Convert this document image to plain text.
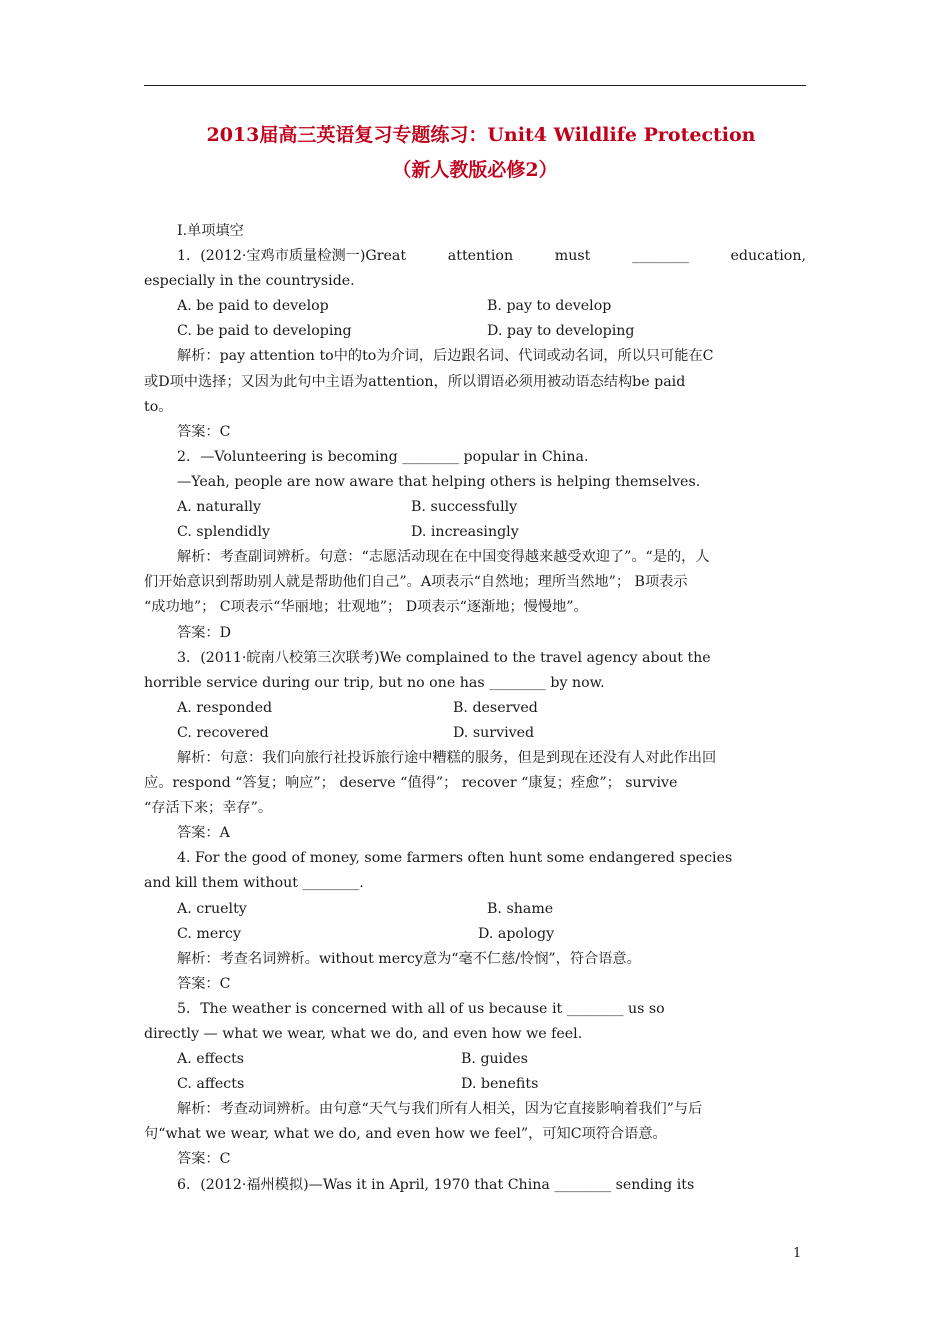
2013届高三英语复习专题练习：Unit4 Wildlife Protection
（新人教版必修2）
Ⅰ.单项填空
1．(2012·宝鸡市质量检测一)Great	attention	must	________	education,
especially in the countryside.
A. be paid to develop	B. pay to develop
C. be paid to developing	D. pay to developing
解析：pay attention to中的to为介词，后边跟名词、代词或动名词，所以只可能在C
或D项中选择；又因为此句中主语为attention，所以谓语必须用被动语态结构be paid
to。
答案：C
2．—Volunteering is becoming ________ popular in China.
—Yeah, people are now aware that helping others is helping themselves.
A. naturally	B. successfully
C. splendidly	D. increasingly
解析：考查副词辨析。句意：“志愿活动现在在中国变得越来越受欢迎了”。“是的，人
们开始意识到帮助别人就是帮助他们自己”。A项表示“自然地；理所当然地”； B项表示
“成功地”； C项表示“华丽地；壮观地”； D项表示“逐渐地；慢慢地”。
答案：D
3．(2011·皖南八校第三次联考)We complained to the travel agency about the
horrible service during our trip, but no one has ________ by now.
A. responded	B. deserved
C. recovered	D. survived
解析：句意：我们向旅行社投诉旅行途中糟糕的服务，但是到现在还没有人对此作出回
应。respond “答复；响应”； deserve “值得”； recover “康复；痊愈”； survive
“存活下来；幸存”。
答案：A
4. For the good of money, some farmers often hunt some endangered species
and kill them without ________.
A. cruelty	B. shame
C. mercy	D. apology
解析：考查名词辨析。without mercy意为“毫不仁慈/怜悯”，符合语意。
答案：C
5．The weather is concerned with all of us because it ________ us so
directly — what we wear, what we do, and even how we feel.
A. effects	B. guides
C. affects	D. benefits
解析：考查动词辨析。由句意“天气与我们所有人相关，因为它直接影响着我们”与后
句“what we wear, what we do, and even how we feel”，可知C项符合语意。
答案：C
6．(2012·福州模拟)—Was it in April, 1970 that China ________ sending its
1
